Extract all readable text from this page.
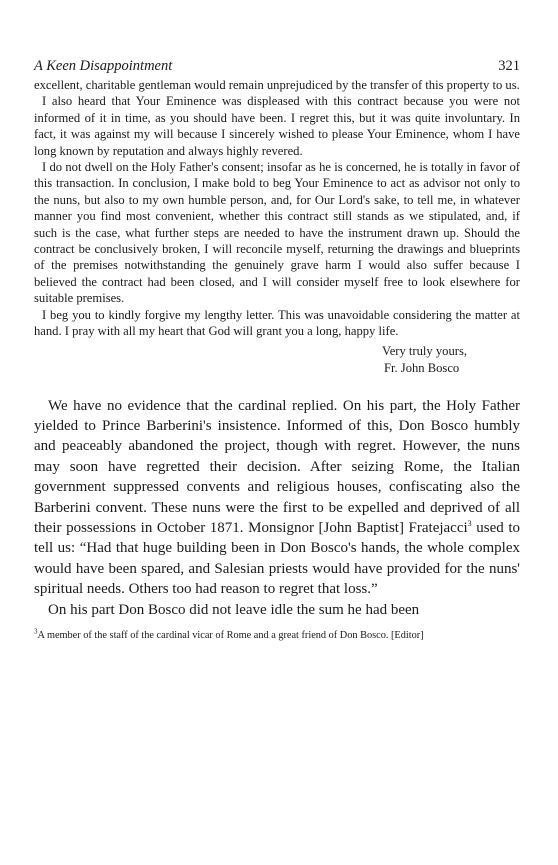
A Keen Disappointment	321

excellent, charitable gentleman would remain unprejudiced by the transfer of this property to us.

I also heard that Your Eminence was displeased with this contract because you were not informed of it in time, as you should have been. I regret this, but it was quite involuntary. In fact, it was against my will because I sincerely wished to please Your Eminence, whom I have long known by reputation and always highly revered.

I do not dwell on the Holy Father's consent; insofar as he is concerned, he is totally in favor of this transaction. In conclusion, I make bold to beg Your Eminence to act as advisor not only to the nuns, but also to my own humble person, and, for Our Lord's sake, to tell me, in whatever manner you find most convenient, whether this contract still stands as we stipulated, and, if such is the case, what further steps are needed to have the instrument drawn up. Should the contract be conclusively broken, I will reconcile myself, returning the drawings and blueprints of the premises notwithstanding the genuinely grave harm I would also suffer because I believed the contract had been closed, and I will consider myself free to look elsewhere for suitable premises.

I beg you to kindly forgive my lengthy letter. This was unavoidable considering the matter at hand. I pray with all my heart that God will grant you a long, happy life.

Very truly yours,
Fr. John Bosco

We have no evidence that the cardinal replied. On his part, the Holy Father yielded to Prince Barberini's insistence. Informed of this, Don Bosco humbly and peaceably abandoned the project, though with regret. However, the nuns may soon have regretted their decision. After seizing Rome, the Italian government suppressed convents and religious houses, confiscating also the Barberini convent. These nuns were the first to be expelled and deprived of all their possessions in October 1871. Monsignor [John Baptist] Fratejacci$^3$ used to tell us: “Had that huge building been in Don Bosco's hands, the whole complex would have been spared, and Salesian priests would have provided for the nuns' spiritual needs. Others too had reason to regret that loss.”

On his part Don Bosco did not leave idle the sum he had been

$^3$A member of the staff of the cardinal vicar of Rome and a great friend of Don Bosco. [Editor]
